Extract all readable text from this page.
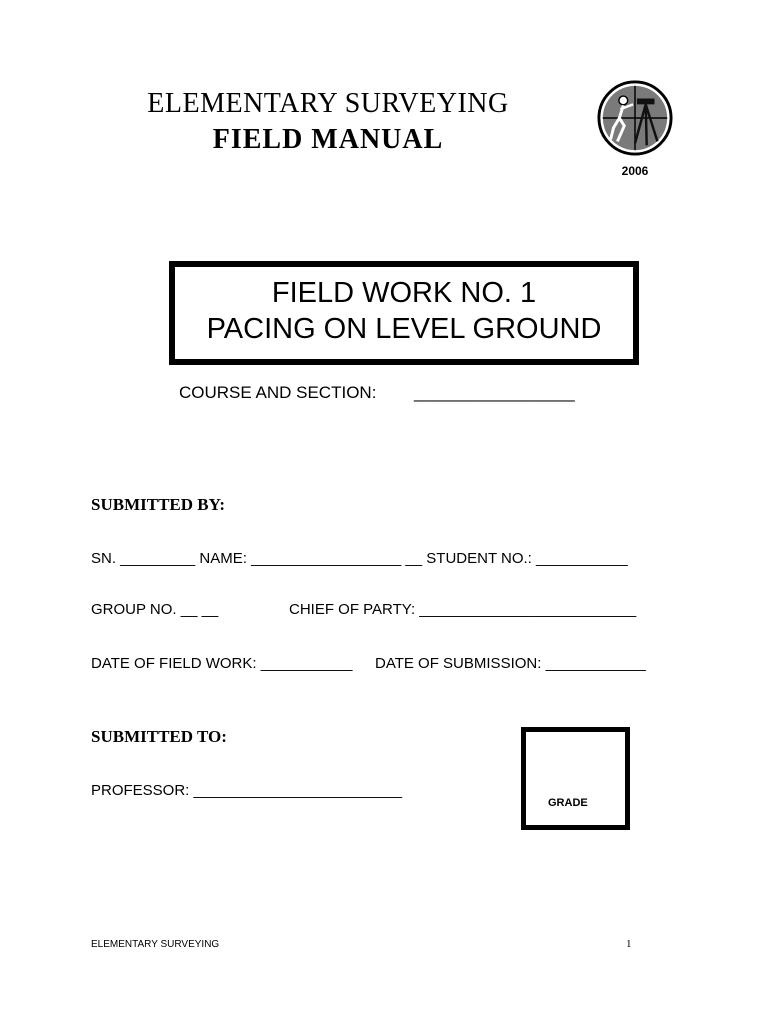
ELEMENTARY SURVEYING
FIELD MANUAL
2006
FIELD WORK NO. 1
PACING ON LEVEL GROUND
COURSE AND SECTION: _________________
SUBMITTED BY:
SN. _________ NAME: __________________ __ STUDENT NO.: ___________
GROUP NO. __ __	CHIEF OF PARTY: __________________________
DATE OF FIELD WORK: ___________ DATE OF SUBMISSION: ____________
SUBMITTED TO:
PROFESSOR: _________________________
GRADE
ELEMENTARY SURVEYING	1
